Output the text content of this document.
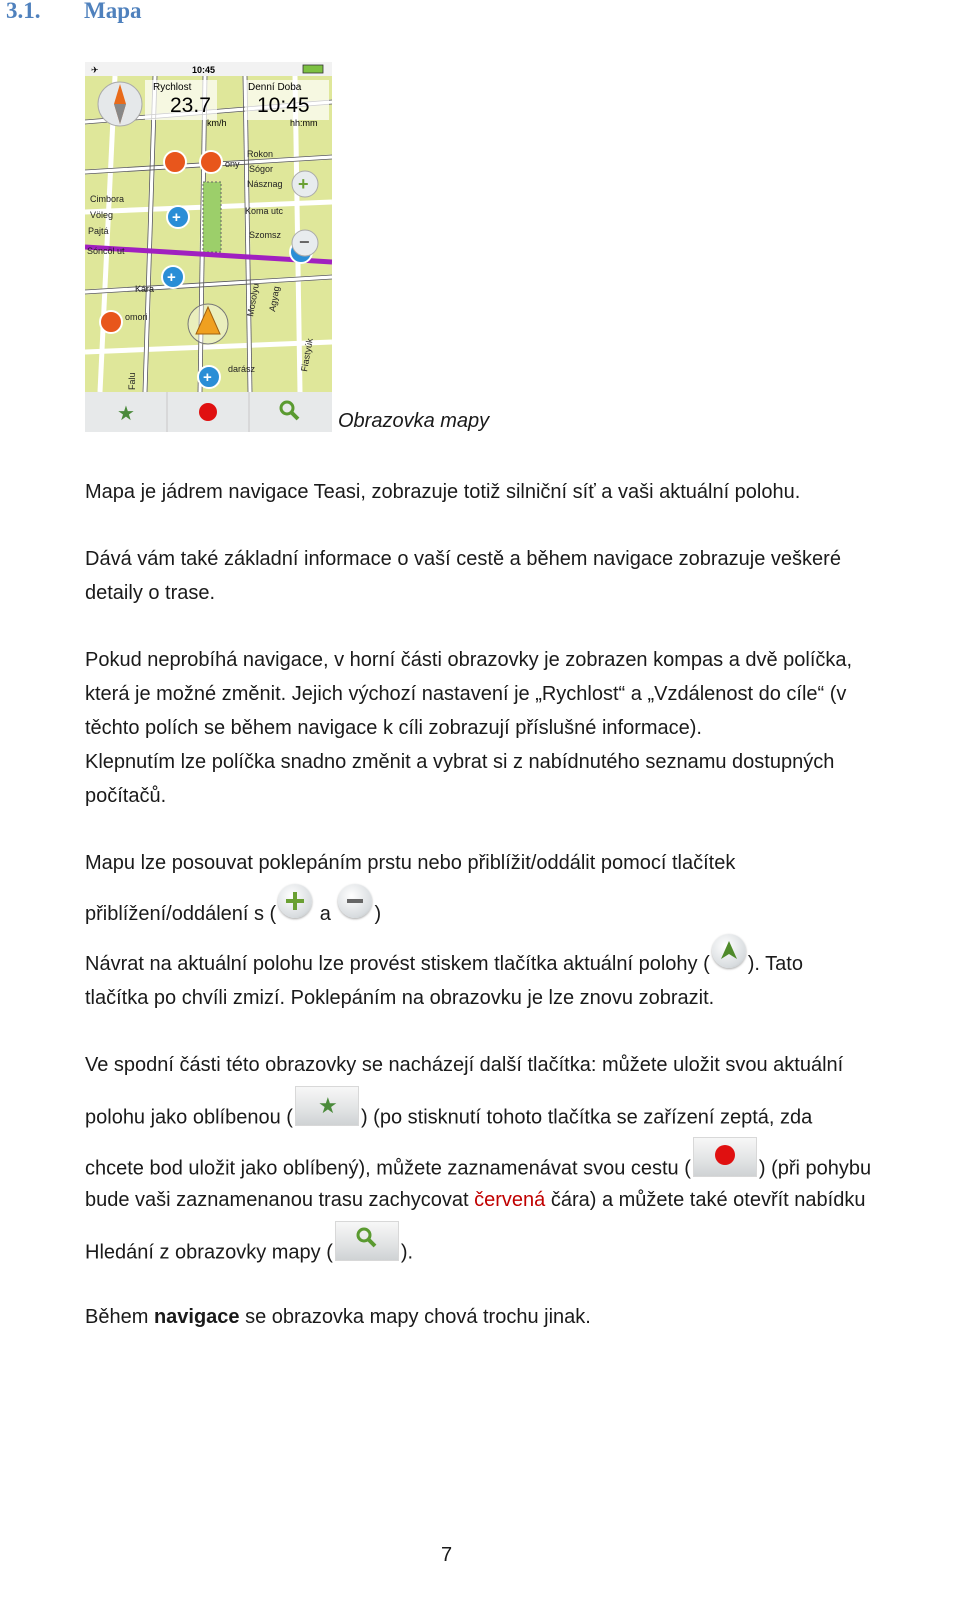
3.1. Mapa
10:45
✈
Rychlost
23.7
km/h
Denní Doba
10:45
hh:mm
Rokon
Sógor
Násznag
Koma utc
Szomsz
Cimbora
Völeg
Pajtá
Sóncöl ut
Kára
omori
darász
ony
Mosolyu Agyag
Fiastyúk
Falu
+
+
+
+
−
★	Obrazovka mapy
Mapa je jádrem navigace Teasi, zobrazuje totiž silniční síť a vaši aktuální polohu.
Dává vám také základní informace o vaší cestě a během navigace zobrazuje veškeré
detaily o trase.
Pokud neprobíhá navigace, v horní části obrazovky je zobrazen kompas a dvě políčka,
která je možné změnit. Jejich výchozí nastavení je „Rychlost“ a „Vzdálenost do cíle“ (v
těchto polích se během navigace k cíli zobrazují příslušné informace).
Klepnutím lze políčka snadno změnit a vybrat si z nabídnutého seznamu dostupných
počítačů.
Mapu lze posouvat poklepáním prstu nebo přiblížit/oddálit pomocí tlačítek
přiblížení/oddálení s ( a )
Návrat na aktuální polohu lze provést stiskem tlačítka aktuální polohy ( ). Tato
tlačítka po chvíli zmizí. Poklepáním na obrazovku je lze znovu zobrazit.
Ve spodní části této obrazovky se nacházejí další tlačítka: můžete uložit svou aktuální
polohu jako oblíbenou ( ★ ) (po stisknutí tohoto tlačítka se zařízení zeptá, zda
chcete bod uložit jako oblíbený), můžete zaznamenávat svou cestu (	) (při pohybu
bude vaši zaznamenanou trasu zachycovat červená čára) a můžete také otevřít nabídku
Hledání z obrazovky mapy (	).
Během navigace se obrazovka mapy chová trochu jinak.
7
